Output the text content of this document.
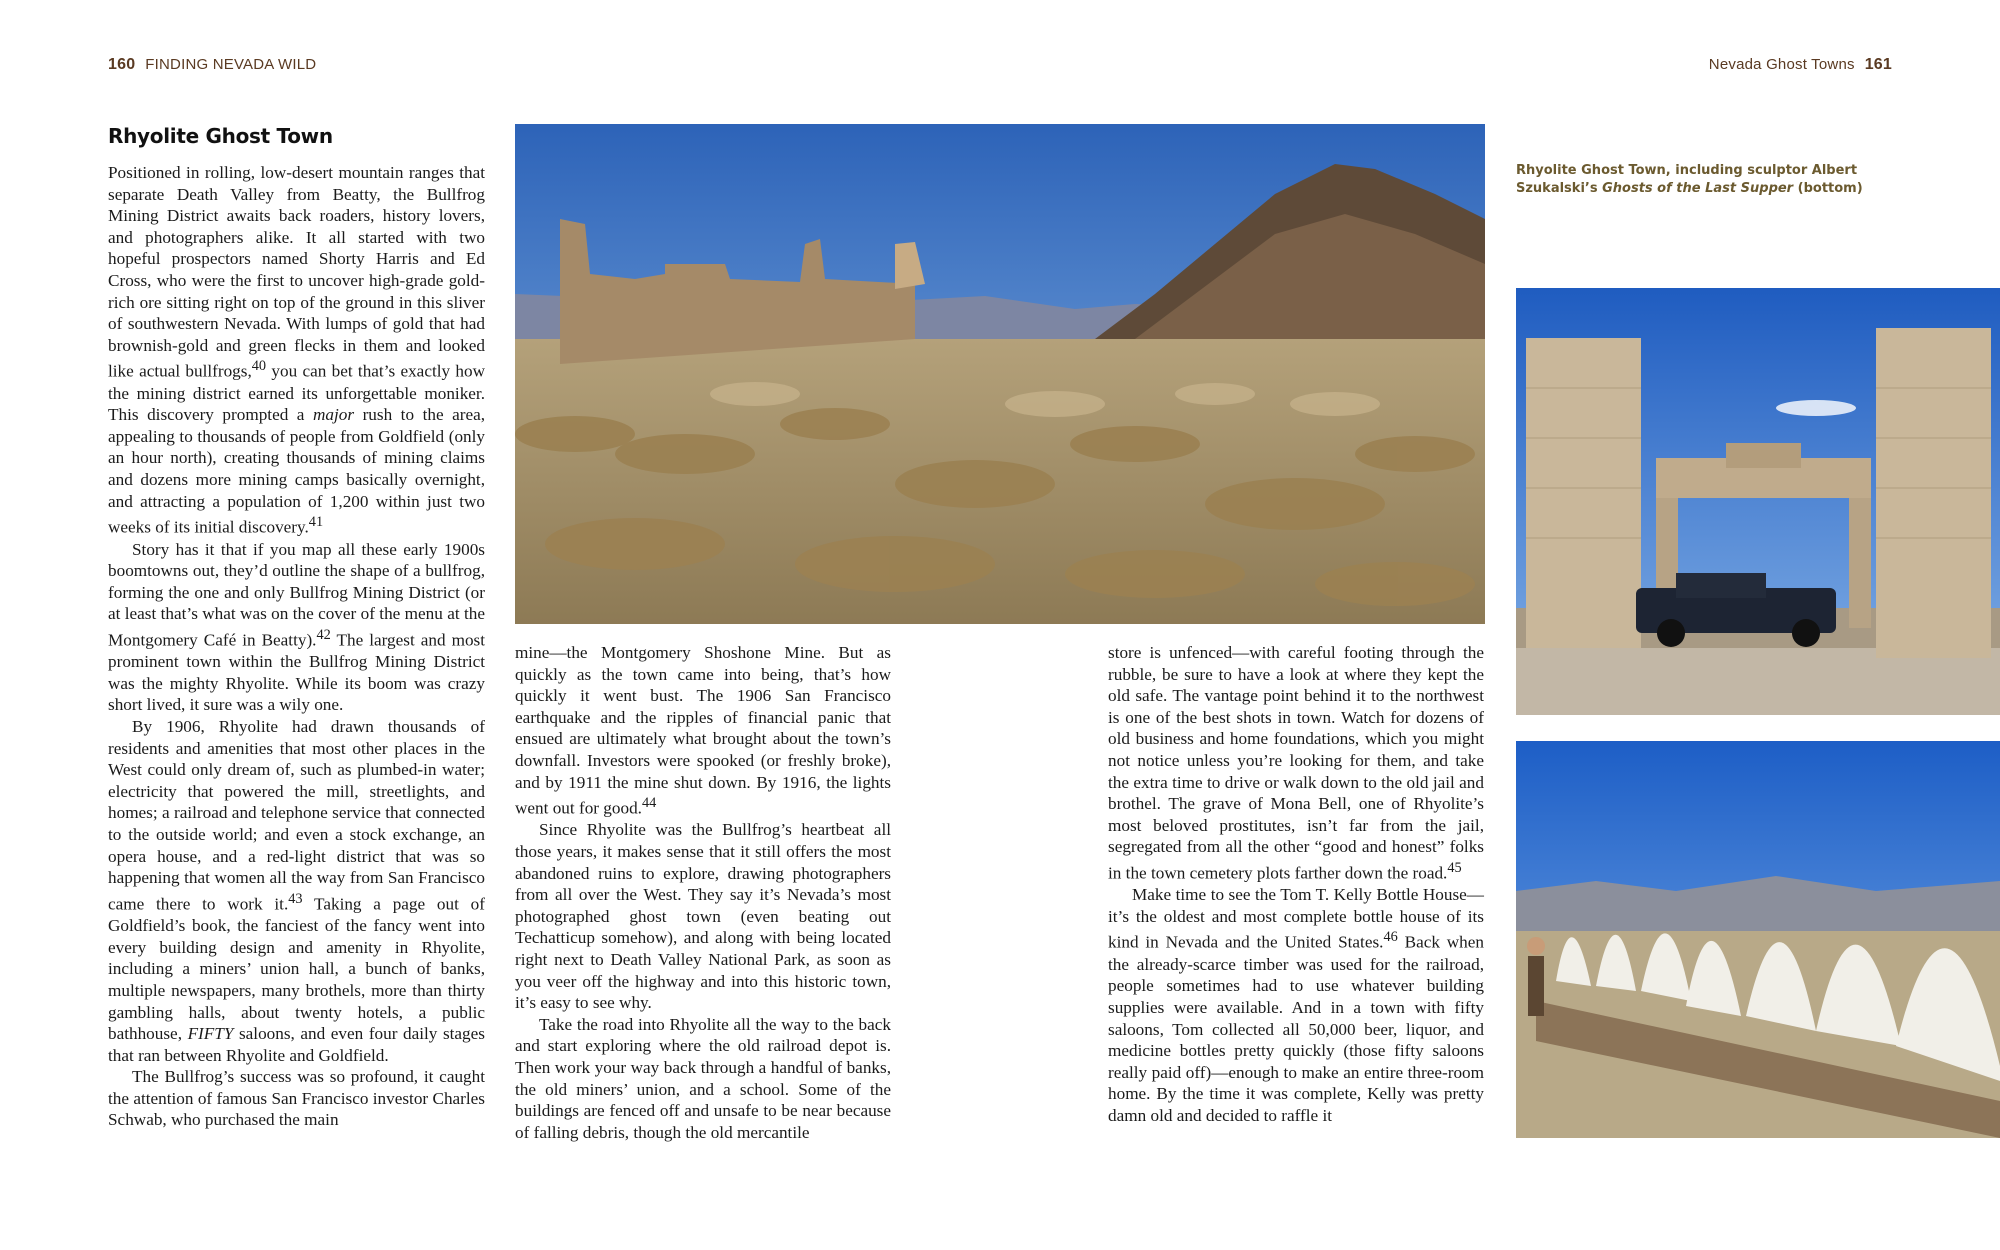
160 FINDING NEVADA WILD
Rhyolite Ghost Town

Positioned in rolling, low-desert mountain ranges that separate Death Valley from Beatty, the Bullfrog Mining District awaits back roaders, history lovers, and photographers alike. It all started with two hopeful prospectors named Shorty Harris and Ed Cross, who were the first to uncover high-grade gold-rich ore sitting right on top of the ground in this sliver of southwestern Nevada. With lumps of gold that had brownish-gold and green flecks in them and looked like actual bullfrogs,$^{40}$ you can bet that’s exactly how the mining district earned its unforgettable moniker. This discovery prompted a major rush to the area, appealing to thousands of people from Goldfield (only an hour north), creating thousands of mining claims and dozens more mining camps basically overnight, and attracting a population of 1,200 within just two weeks of its initial discovery.$^{41}$

Story has it that if you map all these early 1900s boomtowns out, they’d outline the shape of a bullfrog, forming the one and only Bullfrog Mining District (or at least that’s what was on the cover of the menu at the Montgomery Café in Beatty).$^{42}$ The largest and most prominent town within the Bullfrog Mining District was the mighty Rhyolite. While its boom was crazy short lived, it sure was a wily one.

By 1906, Rhyolite had drawn thousands of residents and amenities that most other places in the West could only dream of, such as plumbed-in water; electricity that powered the mill, streetlights, and homes; a railroad and telephone service that connected to the outside world; and even a stock exchange, an opera house, and a red-light district that was so happening that women all the way from San Francisco came there to work it.$^{43}$ Taking a page out of Goldfield’s book, the fanciest of the fancy went into every building design and amenity in Rhyolite, including a miners’ union hall, a bunch of banks, multiple newspapers, many brothels, more than thirty gambling halls, about twenty hotels, a public bathhouse, FIFTY saloons, and even four daily stages that ran between Rhyolite and Goldfield.

The Bullfrog’s success was so profound, it caught the attention of famous San Francisco investor Charles Schwab, who purchased the main

mine—the Montgomery Shoshone Mine. But as quickly as the town came into being, that’s how quickly it went bust. The 1906 San Francisco earthquake and the ripples of financial panic that ensued are ultimately what brought about the town’s downfall. Investors were spooked (or freshly broke), and by 1911 the mine shut down. By 1916, the lights went out for good.$^{44}$

Since Rhyolite was the Bullfrog’s heartbeat all those years, it makes sense that it still offers the most abandoned ruins to explore, drawing photographers from all over the West. They say it’s Nevada’s most photographed ghost town (even beating out Techatticup somehow), and along with being located right next to Death Valley National Park, as soon as you veer off the highway and into this historic town, it’s easy to see why.

Take the road into Rhyolite all the way to the back and start exploring where the old railroad depot is. Then work your way back through a handful of banks, the old miners’ union, and a school. Some of the buildings are fenced off and unsafe to be near because of falling debris, though the old mercantile

Nevada Ghost Towns 161

store is unfenced—with careful footing through the rubble, be sure to have a look at where they kept the old safe. The vantage point behind it to the northwest is one of the best shots in town. Watch for dozens of old business and home foundations, which you might not notice unless you’re looking for them, and take the extra time to drive or walk down to the old jail and brothel. The grave of Mona Bell, one of Rhyolite’s most beloved prostitutes, isn’t far from the jail, segregated from all the other “good and honest” folks in the town cemetery plots farther down the road.$^{45}$

Make time to see the Tom T. Kelly Bottle House—it’s the oldest and most complete bottle house of its kind in Nevada and the United States.$^{46}$ Back when the already-scarce timber was used for the railroad, people sometimes had to use whatever building supplies were available. And in a town with fifty saloons, Tom collected all 50,000 beer, liquor, and medicine bottles pretty quickly (those fifty saloons really paid off)—enough to make an entire three-room home. By the time it was complete, Kelly was pretty damn old and decided to raffle it

Rhyolite Ghost Town, including sculptor Albert Szukalski’s Ghosts of the Last Supper (bottom)
